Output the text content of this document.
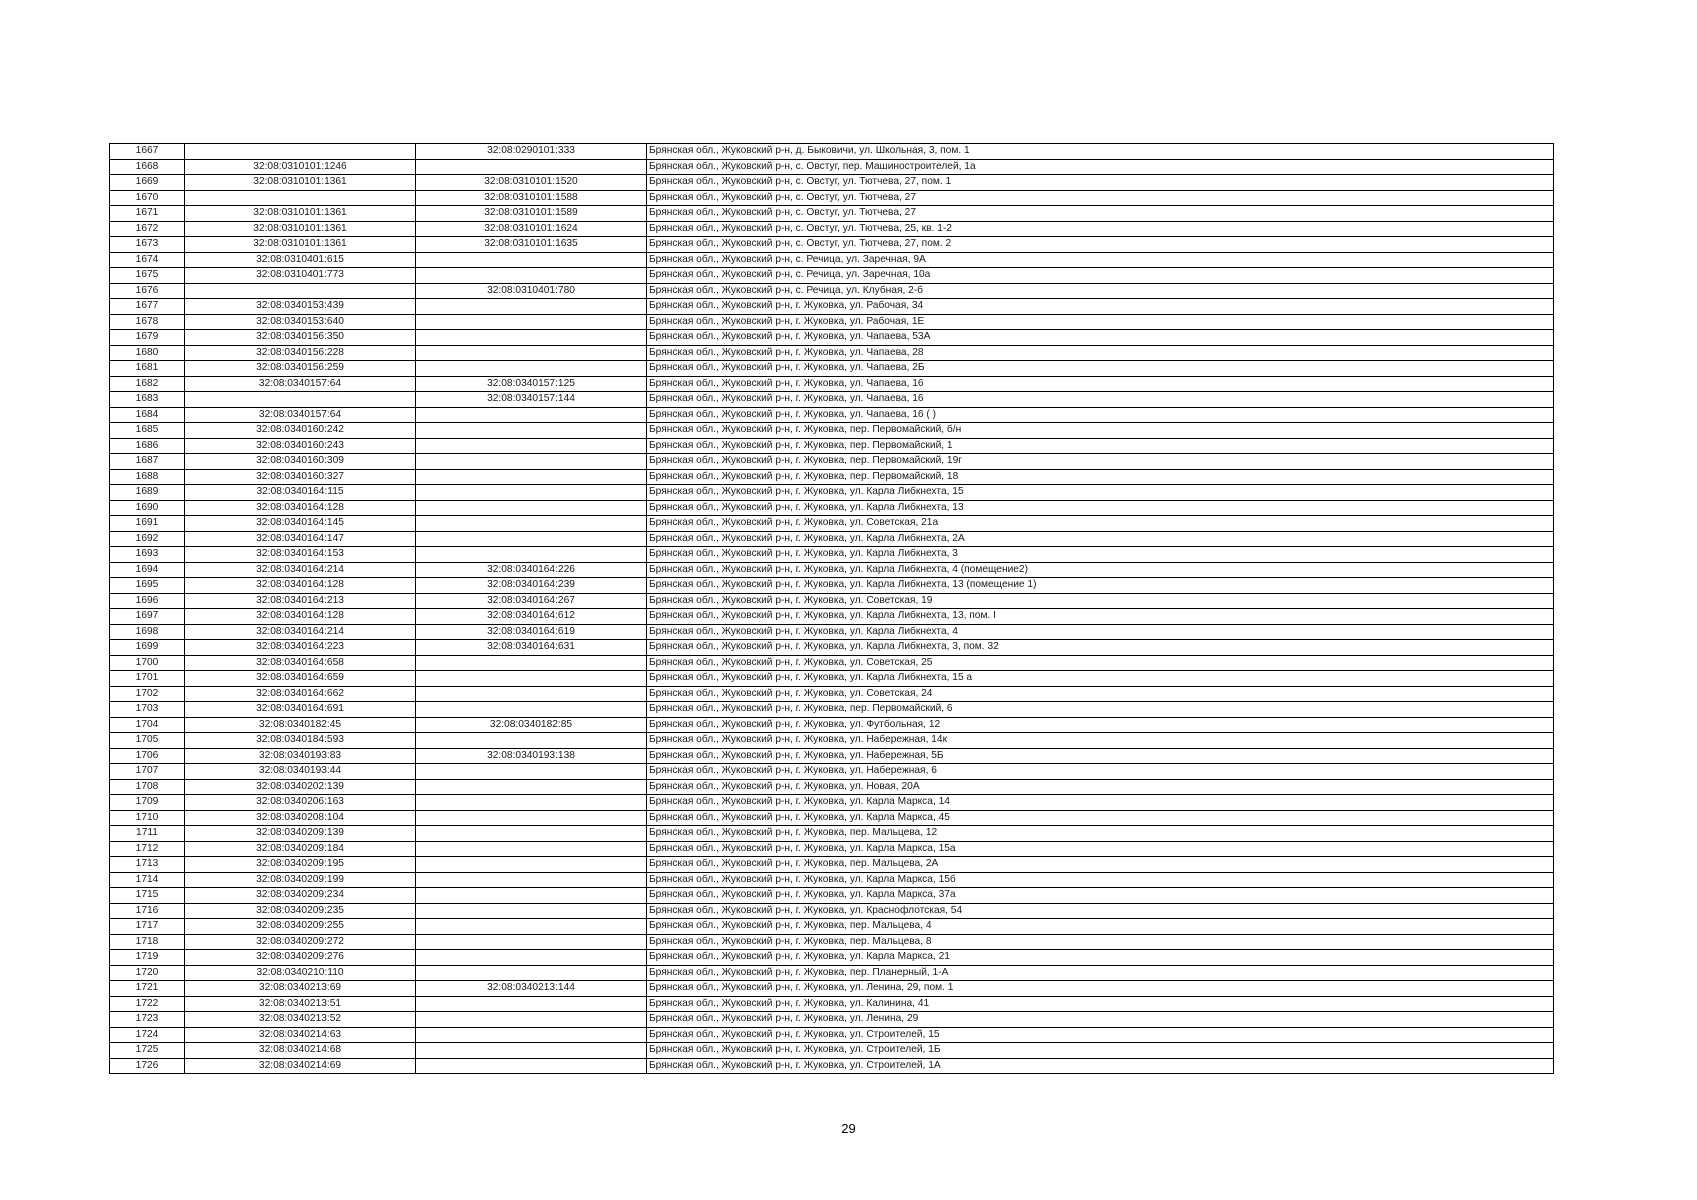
1667		32:08:0290101:333	Брянская обл., Жуковский р-н, д. Быковичи, ул. Школьная, 3, пом. 1
1668	32:08:0310101:1246		Брянская обл., Жуковский р-н, с. Овстуг, пер. Машиностроителей, 1а
1669	32:08:0310101:1361	32:08:0310101:1520	Брянская обл., Жуковский р-н, с. Овстуг, ул. Тютчева, 27, пом. 1
1670		32:08:0310101:1588	Брянская обл., Жуковский р-н, с. Овстуг, ул. Тютчева, 27
1671	32:08:0310101:1361	32:08:0310101:1589	Брянская обл., Жуковский р-н, с. Овстуг, ул. Тютчева, 27
1672	32:08:0310101:1361	32:08:0310101:1624	Брянская обл., Жуковский р-н, с. Овстуг, ул. Тютчева, 25, кв. 1-2
1673	32:08:0310101:1361	32:08:0310101:1635	Брянская обл., Жуковский р-н, с. Овстуг, ул. Тютчева, 27, пом. 2
1674	32:08:0310401:615		Брянская обл., Жуковский р-н, с. Речица, ул. Заречная, 9А
1675	32:08:0310401:773		Брянская обл., Жуковский р-н, с. Речица, ул. Заречная, 10а
1676		32:08:0310401:780	Брянская обл., Жуковский р-н, с. Речица, ул. Клубная, 2-б
1677	32:08:0340153:439		Брянская обл., Жуковский р-н, г. Жуковка, ул. Рабочая, 34
1678	32:08:0340153:640		Брянская обл., Жуковский р-н, г. Жуковка, ул. Рабочая, 1Е
1679	32:08:0340156:350		Брянская обл., Жуковский р-н, г. Жуковка, ул. Чапаева, 53А
1680	32:08:0340156:228		Брянская обл., Жуковский р-н, г. Жуковка, ул. Чапаева, 28
1681	32:08:0340156:259		Брянская обл., Жуковский р-н, г. Жуковка, ул. Чапаева, 2Б
1682	32:08:0340157:64	32:08:0340157:125	Брянская обл., Жуковский р-н, г. Жуковка, ул. Чапаева, 16
1683		32:08:0340157:144	Брянская обл., Жуковский р-н, г. Жуковка, ул. Чапаева, 16
1684	32:08:0340157:64		Брянская обл., Жуковский р-н, г. Жуковка, ул. Чапаева, 16 ( )
1685	32:08:0340160:242		Брянская обл., Жуковский р-н, г. Жуковка, пер. Первомайский, б/н
1686	32:08:0340160:243		Брянская обл., Жуковский р-н, г. Жуковка, пер. Первомайский, 1
1687	32:08:0340160:309		Брянская обл., Жуковский р-н, г. Жуковка, пер. Первомайский, 19г
1688	32:08:0340160:327		Брянская обл., Жуковский р-н, г. Жуковка, пер. Первомайский, 18
1689	32:08:0340164:115		Брянская обл., Жуковский р-н, г. Жуковка, ул. Карла Либкнехта, 15
1690	32:08:0340164:128		Брянская обл., Жуковский р-н, г. Жуковка, ул. Карла Либкнехта, 13
1691	32:08:0340164:145		Брянская обл., Жуковский р-н, г. Жуковка, ул. Советская, 21а
1692	32:08:0340164:147		Брянская обл., Жуковский р-н, г. Жуковка, ул. Карла Либкнехта, 2А
1693	32:08:0340164:153		Брянская обл., Жуковский р-н, г. Жуковка, ул. Карла Либкнехта, 3
1694	32:08:0340164:214	32:08:0340164:226	Брянская обл., Жуковский р-н, г. Жуковка, ул. Карла Либкнехта, 4 (помещение2)
1695	32:08:0340164:128	32:08:0340164:239	Брянская обл., Жуковский р-н, г. Жуковка, ул. Карла Либкнехта, 13 (помещение 1)
1696	32:08:0340164:213	32:08:0340164:267	Брянская обл., Жуковский р-н, г. Жуковка, ул. Советская, 19
1697	32:08:0340164:128	32:08:0340164:612	Брянская обл., Жуковский р-н, г. Жуковка, ул. Карла Либкнехта, 13, пом. I
1698	32:08:0340164:214	32:08:0340164:619	Брянская обл., Жуковский р-н, г. Жуковка, ул. Карла Либкнехта, 4
1699	32:08:0340164:223	32:08:0340164:631	Брянская обл., Жуковский р-н, г. Жуковка, ул. Карла Либкнехта, 3, пом. 32
1700	32:08:0340164:658		Брянская обл., Жуковский р-н, г. Жуковка, ул. Советская, 25
1701	32:08:0340164:659		Брянская обл., Жуковский р-н, г. Жуковка, ул. Карла Либкнехта, 15 а
1702	32:08:0340164:662		Брянская обл., Жуковский р-н, г. Жуковка, ул. Советская, 24
1703	32:08:0340164:691		Брянская обл., Жуковский р-н, г. Жуковка, пер. Первомайский, 6
1704	32:08:0340182:45	32:08:0340182:85	Брянская обл., Жуковский р-н, г. Жуковка, ул. Футбольная, 12
1705	32:08:0340184:593		Брянская обл., Жуковский р-н, г. Жуковка, ул. Набережная, 14к
1706	32:08:0340193:83	32:08:0340193:138	Брянская обл., Жуковский р-н, г. Жуковка, ул. Набережная, 5Б
1707	32:08:0340193:44		Брянская обл., Жуковский р-н, г. Жуковка, ул. Набережная, 6
1708	32:08:0340202:139		Брянская обл., Жуковский р-н, г. Жуковка, ул. Новая, 20А
1709	32:08:0340206:163		Брянская обл., Жуковский р-н, г. Жуковка, ул. Карла Маркса, 14
1710	32:08:0340208:104		Брянская обл., Жуковский р-н, г. Жуковка, ул. Карла Маркса, 45
1711	32:08:0340209:139		Брянская обл., Жуковский р-н, г. Жуковка, пер. Мальцева, 12
1712	32:08:0340209:184		Брянская обл., Жуковский р-н, г. Жуковка, ул. Карла Маркса, 15а
1713	32:08:0340209:195		Брянская обл., Жуковский р-н, г. Жуковка, пер. Мальцева, 2А
1714	32:08:0340209:199		Брянская обл., Жуковский р-н, г. Жуковка, ул. Карла Маркса, 15б
1715	32:08:0340209:234		Брянская обл., Жуковский р-н, г. Жуковка, ул. Карла Маркса, 37а
1716	32:08:0340209:235		Брянская обл., Жуковский р-н, г. Жуковка, ул. Краснофлотская, 54
1717	32:08:0340209:255		Брянская обл., Жуковский р-н, г. Жуковка, пер. Мальцева, 4
1718	32:08:0340209:272		Брянская обл., Жуковский р-н, г. Жуковка, пер. Мальцева, 8
1719	32:08:0340209:276		Брянская обл., Жуковский р-н, г. Жуковка, ул. Карла Маркса, 21
1720	32:08:0340210:110		Брянская обл., Жуковский р-н, г. Жуковка, пер. Планерный, 1-А
1721	32:08:0340213:69	32:08:0340213:144	Брянская обл., Жуковский р-н, г. Жуковка, ул. Ленина, 29, пом. 1
1722	32:08:0340213:51		Брянская обл., Жуковский р-н, г. Жуковка, ул. Калинина, 41
1723	32:08:0340213:52		Брянская обл., Жуковский р-н, г. Жуковка, ул. Ленина, 29
1724	32:08:0340214:63		Брянская обл., Жуковский р-н, г. Жуковка, ул. Строителей, 15
1725	32:08:0340214:68		Брянская обл., Жуковский р-н, г. Жуковка, ул. Строителей, 1Б
1726	32:08:0340214:69		Брянская обл., Жуковский р-н, г. Жуковка, ул. Строителей, 1А
29
